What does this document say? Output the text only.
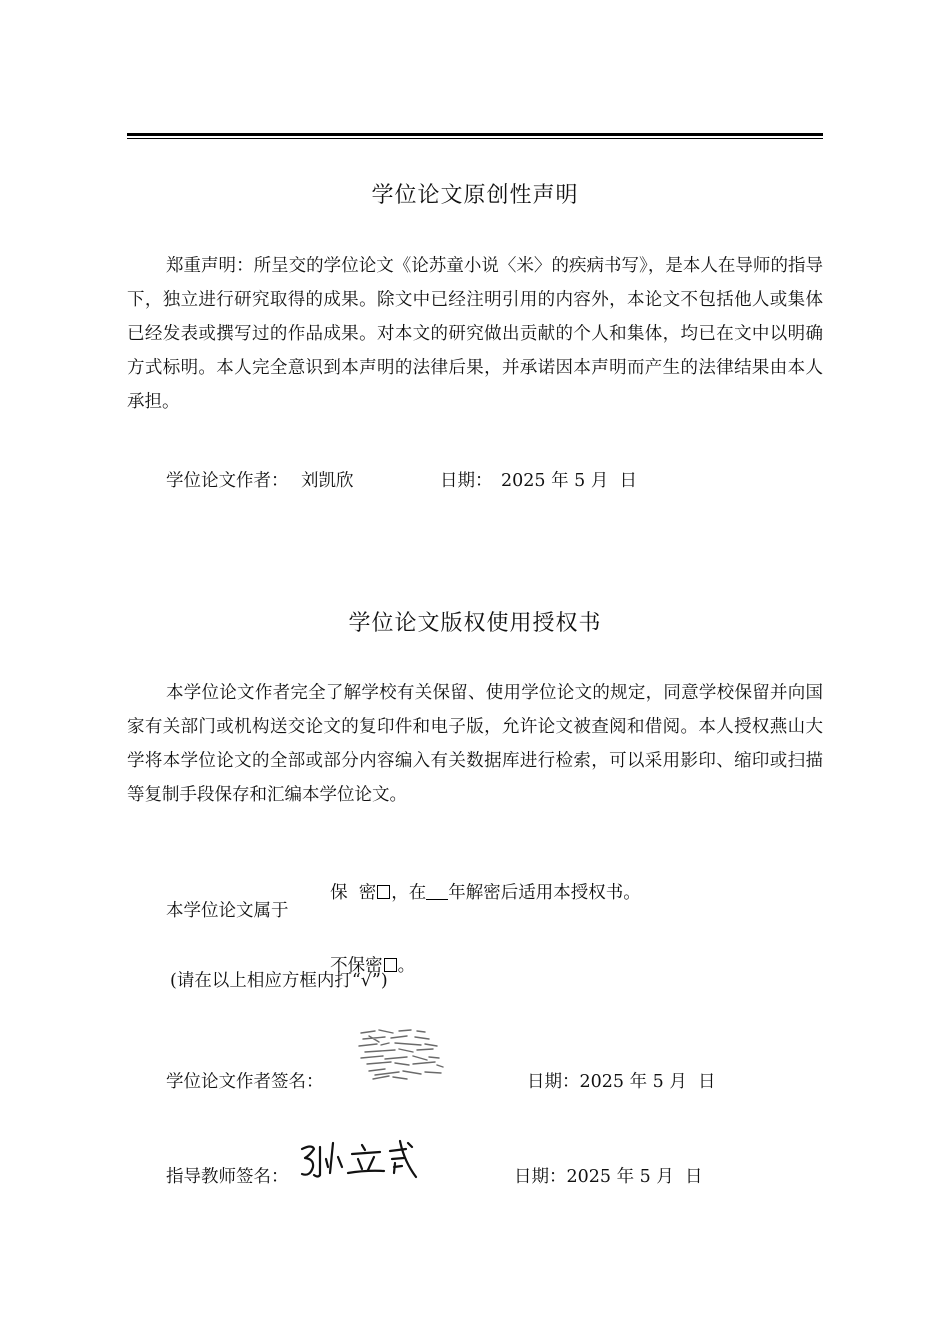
学位论文原创性声明
郑重声明：所呈交的学位论文《论苏童小说〈米〉的疾病书写》，是本人在导师的指导下，独立进行研究取得的成果。除文中已经注明引用的内容外，本论文不包括他人或集体已经发表或撰写过的作品成果。对本文的研究做出贡献的个人和集体，均已在文中以明确方式标明。本人完全意识到本声明的法律后果，并承诺因本声明而产生的法律结果由本人承担。
学位论文作者： 刘凯欣	日期： 2025 年 5 月  日
学位论文版权使用授权书
本学位论文作者完全了解学校有关保留、使用学位论文的规定，同意学校保留并向国家有关部门或机构送交论文的复印件和电子版，允许论文被查阅和借阅。本人授权燕山大学将本学位论文的全部或部分内容编入有关数据库进行检索，可以采用影印、缩印或扫描等复制手段保存和汇编本学位论文。

保  密 ，在 年解密后适用本授权书。

本学位论文属于

不保密 。

(请在以上相应方框内打“√”)
学位论文作者签名：	日期：2025 年 5 月  日
指导教师签名：	日期：2025 年 5 月  日
